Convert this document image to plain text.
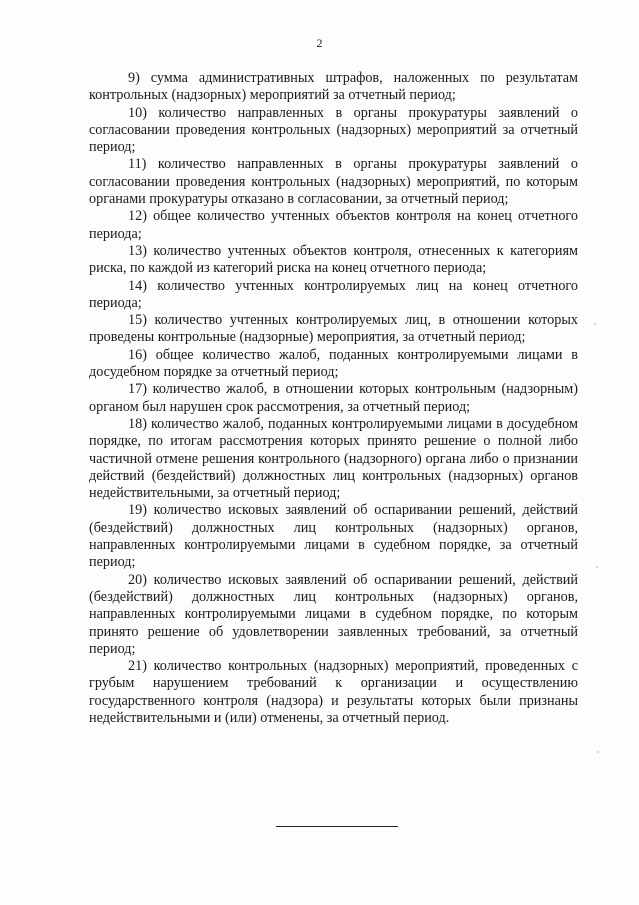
2

9) сумма административных штрафов, наложенных по результатам контрольных (надзорных) мероприятий за отчетный период;

10) количество направленных в органы прокуратуры заявлений о согласовании проведения контрольных (надзорных) мероприятий за отчетный период;

11) количество направленных в органы прокуратуры заявлений о согласовании проведения контрольных (надзорных) мероприятий, по которым органами прокуратуры отказано в согласовании, за отчетный период;

12) общее количество учтенных объектов контроля на конец отчетного периода;

13) количество учтенных объектов контроля, отнесенных к категориям риска, по каждой из категорий риска на конец отчетного периода;

14) количество учтенных контролируемых лиц на конец отчетного периода;

15) количество учтенных контролируемых лиц, в отношении которых проведены контрольные (надзорные) мероприятия, за отчетный период;

16) общее количество жалоб, поданных контролируемыми лицами в досудебном порядке за отчетный период;

17) количество жалоб, в отношении которых контрольным (надзорным) органом был нарушен срок рассмотрения, за отчетный период;

18) количество жалоб, поданных контролируемыми лицами в досудебном порядке, по итогам рассмотрения которых принято решение о полной либо частичной отмене решения контрольного (надзорного) органа либо о признании действий (бездействий) должностных лиц контрольных (надзорных) органов недействительными, за отчетный период;

19) количество исковых заявлений об оспаривании решений, действий (бездействий) должностных лиц контрольных (надзорных) органов, направленных контролируемыми лицами в судебном порядке, за отчетный период;

20) количество исковых заявлений об оспаривании решений, действий (бездействий) должностных лиц контрольных (надзорных) органов, направленных контролируемыми лицами в судебном порядке, по которым принято решение об удовлетворении заявленных требований, за отчетный период;

21) количество контрольных (надзорных) мероприятий, проведенных с грубым нарушением требований к организации и осуществлению государственного контроля (надзора) и результаты которых были признаны недействительными и (или) отменены, за отчетный период.
